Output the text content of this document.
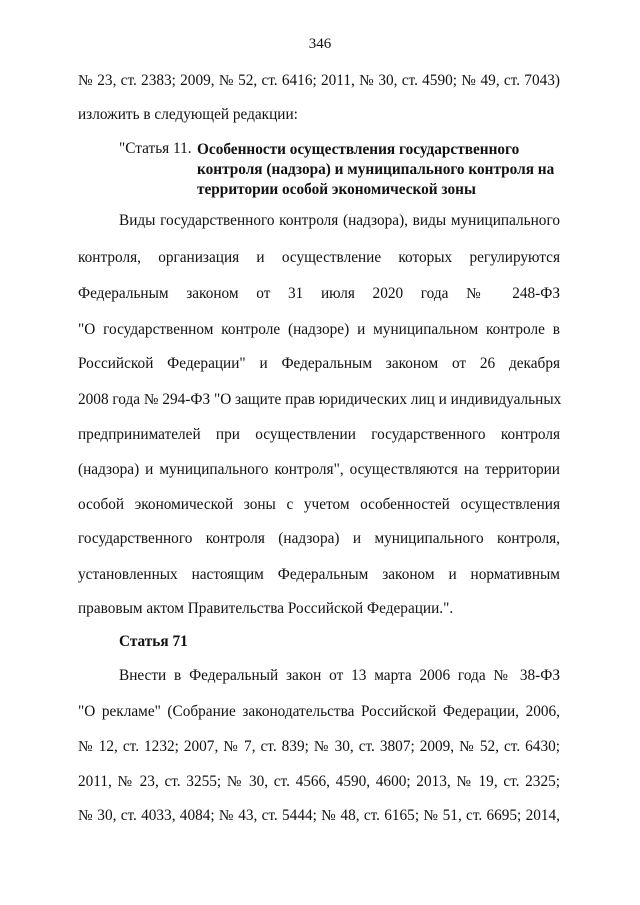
346
№ 23, ст. 2383; 2009, № 52, ст. 6416; 2011, № 30, ст. 4590; № 49, ст. 7043)
изложить в следующей редакции:
"Статья 11. Особенности осуществления государственного
контроля (надзора) и муниципального контроля на
территории особой экономической зоны
Виды государственного контроля (надзора), виды муниципального
контроля, организация и осуществление которых регулируются
Федеральным законом от 31 июля 2020 года № 248-ФЗ
"О государственном контроле (надзоре) и муниципальном контроле в
Российской Федерации" и Федеральным законом от 26 декабря
2008 года № 294-ФЗ "О защите прав юридических лиц и индивидуальных
предпринимателей при осуществлении государственного контроля
(надзора) и муниципального контроля", осуществляются на территории
особой экономической зоны с учетом особенностей осуществления
государственного контроля (надзора) и муниципального контроля,
установленных настоящим Федеральным законом и нормативным
правовым актом Правительства Российской Федерации.".
Статья 71
Внести в Федеральный закон от 13 марта 2006 года № 38-ФЗ
"О рекламе" (Собрание законодательства Российской Федерации, 2006,
№ 12, ст. 1232; 2007, № 7, ст. 839; № 30, ст. 3807; 2009, № 52, ст. 6430;
2011, № 23, ст. 3255; № 30, ст. 4566, 4590, 4600; 2013, № 19, ст. 2325;
№ 30, ст. 4033, 4084; № 43, ст. 5444; № 48, ст. 6165; № 51, ст. 6695; 2014,
